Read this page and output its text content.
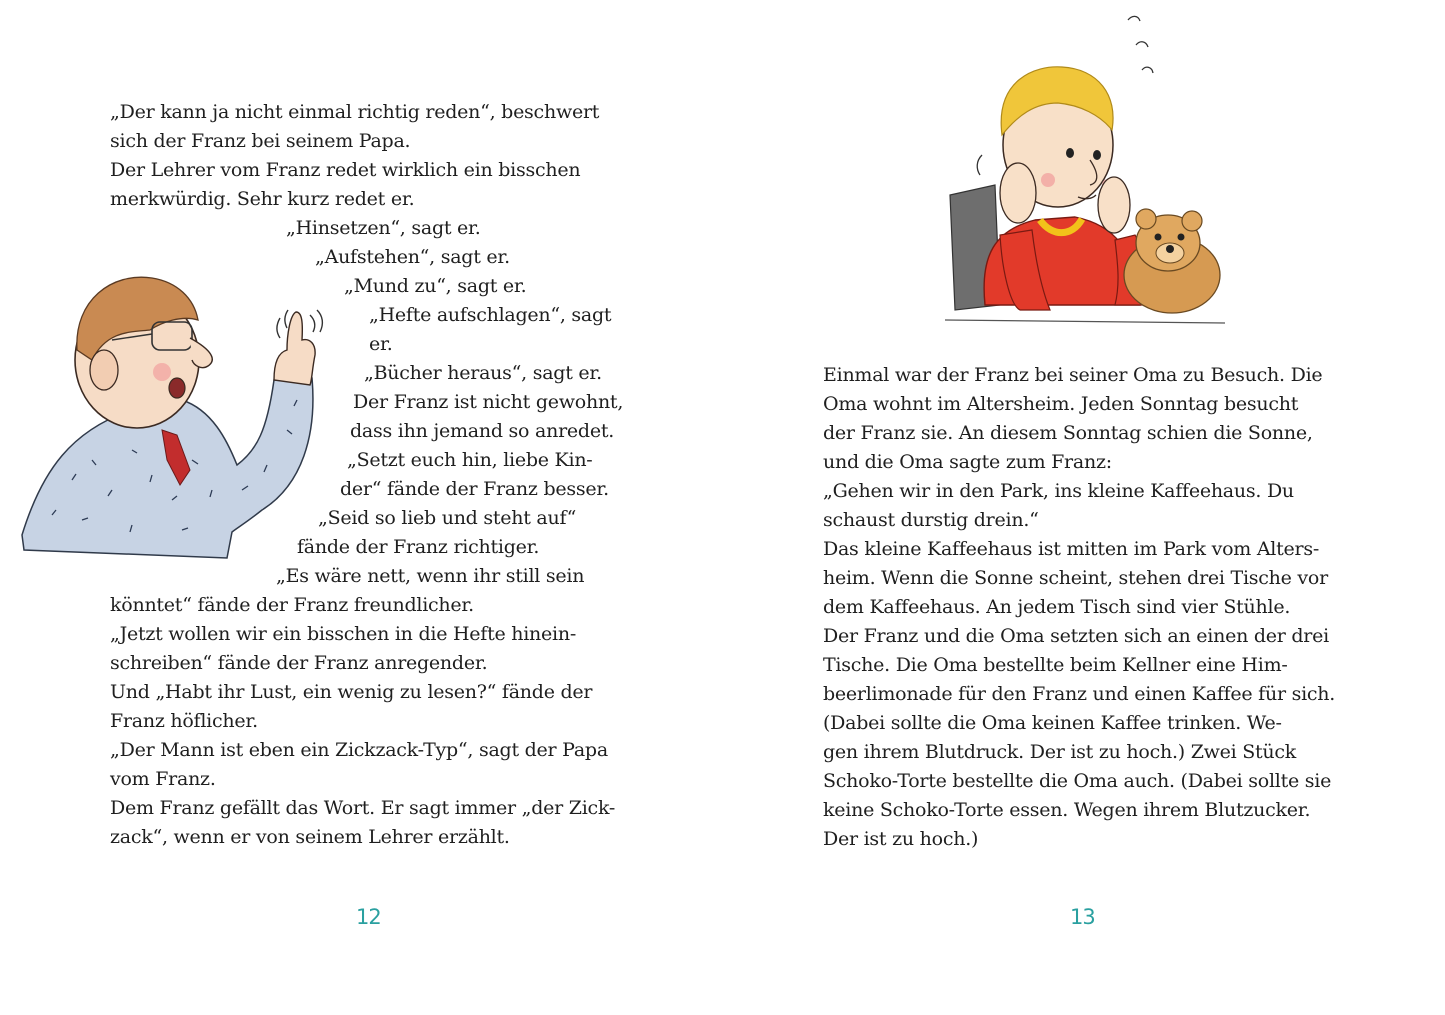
„Der kann ja nicht einmal richtig reden“, beschwert
sich der Franz bei seinem Papa.
Der Lehrer vom Franz redet wirklich ein bisschen
merkwürdig. Sehr kurz redet er.
„Hinsetzen“, sagt er.
„Aufstehen“, sagt er.
„Mund zu“, sagt er.
„Hefte aufschlagen“, sagt
er.
„Bücher heraus“, sagt er.
Der Franz ist nicht gewohnt,
dass ihn jemand so anredet.
„Setzt euch hin, liebe Kin-
der“ fände der Franz besser.
„Seid so lieb und steht auf“
fände der Franz richtiger.
„Es wäre nett, wenn ihr still sein
könntet“ fände der Franz freundlicher.
„Jetzt wollen wir ein bisschen in die Hefte hinein-
schreiben“ fände der Franz anregender.
Und „Habt ihr Lust, ein wenig zu lesen?“ fände der
Franz höflicher.
„Der Mann ist eben ein Zickzack-Typ“, sagt der Papa
vom Franz.
Dem Franz gefällt das Wort. Er sagt immer „der Zick-
zack“, wenn er von seinem Lehrer erzählt.
12
Einmal war der Franz bei seiner Oma zu Besuch. Die
Oma wohnt im Altersheim. Jeden Sonntag besucht
der Franz sie. An diesem Sonntag schien die Sonne,
und die Oma sagte zum Franz:
„Gehen wir in den Park, ins kleine Kaffeehaus. Du
schaust durstig drein.“
Das kleine Kaffeehaus ist mitten im Park vom Alters-
heim. Wenn die Sonne scheint, stehen drei Tische vor
dem Kaffeehaus. An jedem Tisch sind vier Stühle.
Der Franz und die Oma setzten sich an einen der drei
Tische. Die Oma bestellte beim Kellner eine Him-
beerlimonade für den Franz und einen Kaffee für sich.
(Dabei sollte die Oma keinen Kaffee trinken. We-
gen ihrem Blutdruck. Der ist zu hoch.) Zwei Stück
Schoko-Torte bestellte die Oma auch. (Dabei sollte sie
keine Schoko-Torte essen. Wegen ihrem Blutzucker.
Der ist zu hoch.)
13
